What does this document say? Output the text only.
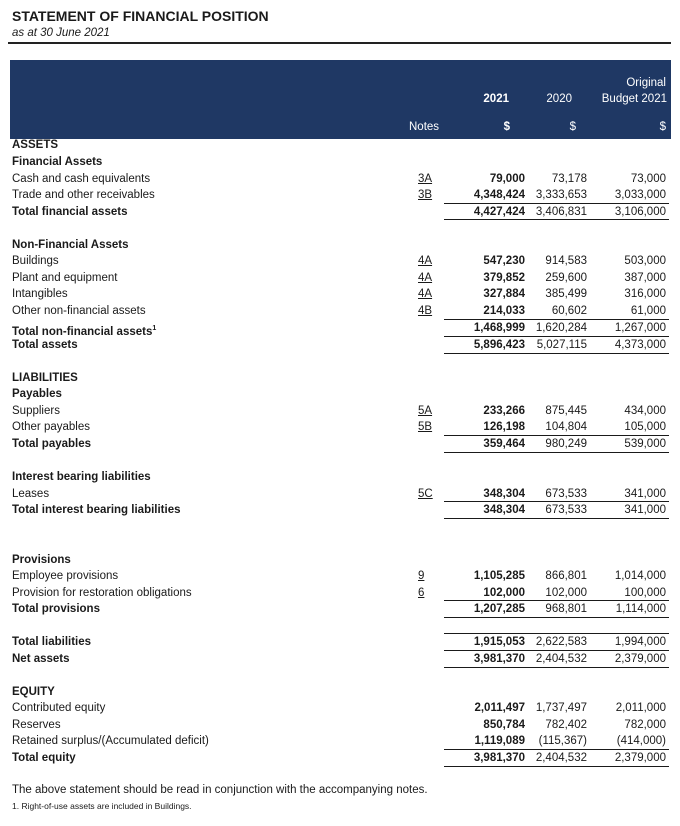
STATEMENT OF FINANCIAL POSITION
as at 30 June 2021
2021	2020
Original
Budget 2021
Notes	$	$	$
ASSETS
Financial Assets
Cash and cash equivalents	3A	79,000 73,178	73,000
Trade and other receivables	3B	4,348,424 3,333,653 3,033,000
Total financial assets	4,427,424 3,406,831 3,106,000
Non-Financial Assets
Buildings	4A	547,230 914,583	503,000
Plant and equipment	4A	379,852 259,600	387,000
Intangibles	4A	327,884 385,499	316,000
Other non-financial assets	4B	214,033 60,602	61,000
Total non-financial assets$^1$	1,468,999 1,620,284 1,267,000
Total assets	5,896,423 5,027,115 4,373,000
LIABILITIES
Payables
Suppliers	5A	233,266 875,445	434,000
Other payables	5B	126,198 104,804	105,000
Total payables	359,464 980,249	539,000
Interest bearing liabilities
Leases	5C	348,304 673,533	341,000
Total interest bearing liabilities	348,304 673,533	341,000
Provisions
Employee provisions	9	1,105,285 866,801 1,014,000
Provision for restoration obligations	6	102,000 102,000	100,000
Total provisions	1,207,285 968,801 1,114,000
Total liabilities	1,915,053 2,622,583 1,994,000
Net assets	3,981,370 2,404,532 2,379,000
EQUITY
Contributed equity	2,011,497 1,737,497 2,011,000
Reserves	850,784 782,402	782,000
Retained surplus/(Accumulated deficit)	1,119,089 (115,367)	(414,000)
Total equity	3,981,370 2,404,532 2,379,000
The above statement should be read in conjunction with the accompanying notes.
1. Right-of-use assets are included in Buildings.
